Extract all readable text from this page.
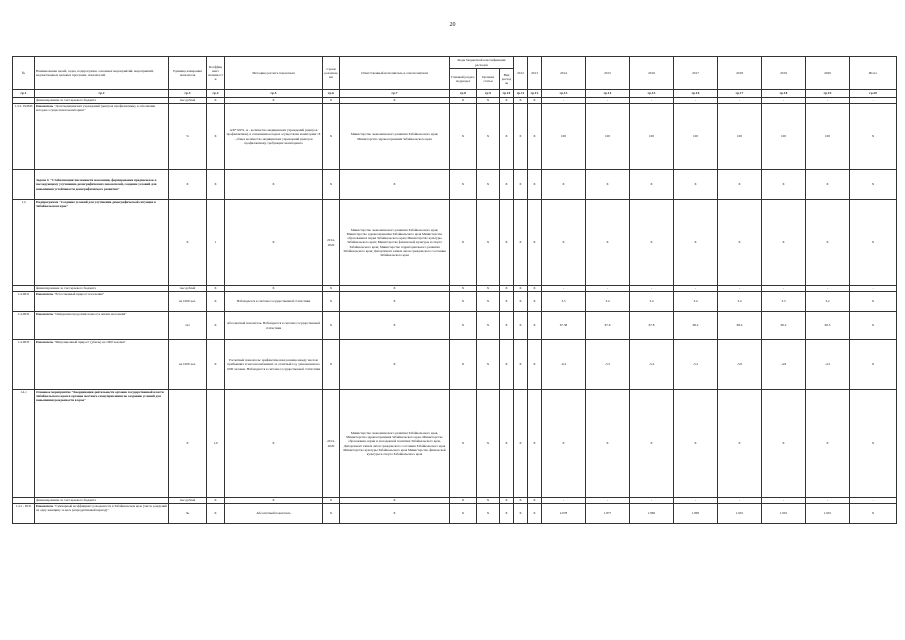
20
№	Наименование целей, задач, подпрограмм, основных мероприятий, мероприятий, ведомственных целевых программ, показателей	Единица измерения показателя	Коэффициент значимости	Методика расчета показателя	Сроки реализации	Ответственный исполнитель и соисполнители	Коды бюджетной классификации расходов			2012	2013	2014	2015	2016	2017	2018	2019	2020	Итого
							Главный раздел, подраздел	Целевая статья	Вид расходов										
гр.1	гр.2	гр.3	гр.4	гр.5	гр.6	гр.7	гр.8	гр.9	гр.10	гр.11	гр.12	гр.13	гр.14	гр.15	гр.16	гр.17	гр.18	гр.19	гр.20
	финансирование за счет краевого бюджета	тыс.рублей	X	X	X	X	X	X	X	X	X	-	-	-	-	-	-	-	-
1.3.5- ПОМ3	Показатель "Доля медицинских учреждений (центров профилактики), в отношении которых осуществлен мониторинг"	%	X	А/Б*100%, А - количество медицинских учреждений (центров профилактики), в отношении которых осуществлен мониторинг; Б - общее количество медицинских учреждений (центров профилактики), требующих мониторинга	X	Министерство экономического развития Забайкальского края; Министерство здравоохранения Забайкальского края	X	X	X	X	X	100	100	100	100	100	100	100	X
	Задача 4. "Стабилизация численности населения, формирование предпосылок к последующему улучшению демографических показателей, создание условий для повышения устойчивости демографического развития"	X	X	X	X	X	X	X	X	X	X	X	X	X	X	X	X	X	X
1.4	Подпрограмма "Создание условий для улучшения демографической ситуации в Забайкальском крае"	X	1	X	2014-2020	Министерство экономического развития Забайкальского края; Министерство здравоохранения Забайкальского края Министерство образования и науки Забайкальского края; Министерство культуры Забайкальского края; Министерство физической культуры и спорта Забайкальского края; Министерство территориального развития Забайкальского края; Департамент записи актов гражданского состояния Забайкальского края	X	X	X	X	X	X	X	X	X	X	X	X	X
	финансирование за счет краевого бюджета	тыс.рублей	X	X	X	X	X	X	X	X	X	-	-	-	-	-	-	-	-
1.4-ПП1	Показатель "Естественный прирост населения"	на 1000 чел.	X	Наблюдается в системе государственной статистики	X	X	X	X	X	X	X	3.5	3.4	3.4	3.4	3.4	3.3	3.2	X
1.4-ПП2	Показатель "Ожидаемая продолжительность жизни населения"	лет	X	Абсолютный показатель. Наблюдается в системе государственной статистики	X	X	X	X	X	X	X	67.38	67.6	67.8	68.2	68.4	69.2	69.5	X
1.4-ПП3	Показатель "Миграционный прирост (убыль) на 1000 человек"	на 1000 чел.	X	Расчетный показатель: арифметическая разница между числом прибывших и числом выбывших за отчетный год, умноженная на 1000 человек. Наблюдается в системе государственной статистики	X	X	X	X	X	X	X	-6.2	-5.5	-5.4	-5.2	-5.0	-4.8	-4.5	X
1.4.1	Основное мероприятие "Координация деятельности органов государственной власти Забайкальского края и органов местного самоуправления по созданию условий для повышения рождаемости в крае"	X	1,0	X	2014-2020	Министерство экономического развития Забайкальского края, Министерство здравоохранения Забайкальского края, Министерство образования, науки и молодежной политики Забайкальского края, Департамент записи актов гражданского состояния Забайкальского края Министерство культуры Забайкальского края Министерство физической культуры и спорта Забайкальского края	X	X	X	X	X	X	X	X	X	X	X	X	X
	финансирование за счет краевого бюджета	тыс.рублей	X	X	X	X	X	X	X	X	X	-	-	-	-	-	-	-	-
1.4.1 - ПП1	Показатель "Суммарный коэффициент рождаемости в Забайкальском крае (число рождений на одну женщину за весь репродуктивный период)"	‰	X	Абсолютный показатель	X	X	X	X	X	X	X	2.078	1.877	1.882	1.895	1.901	1.901	1.901	X
